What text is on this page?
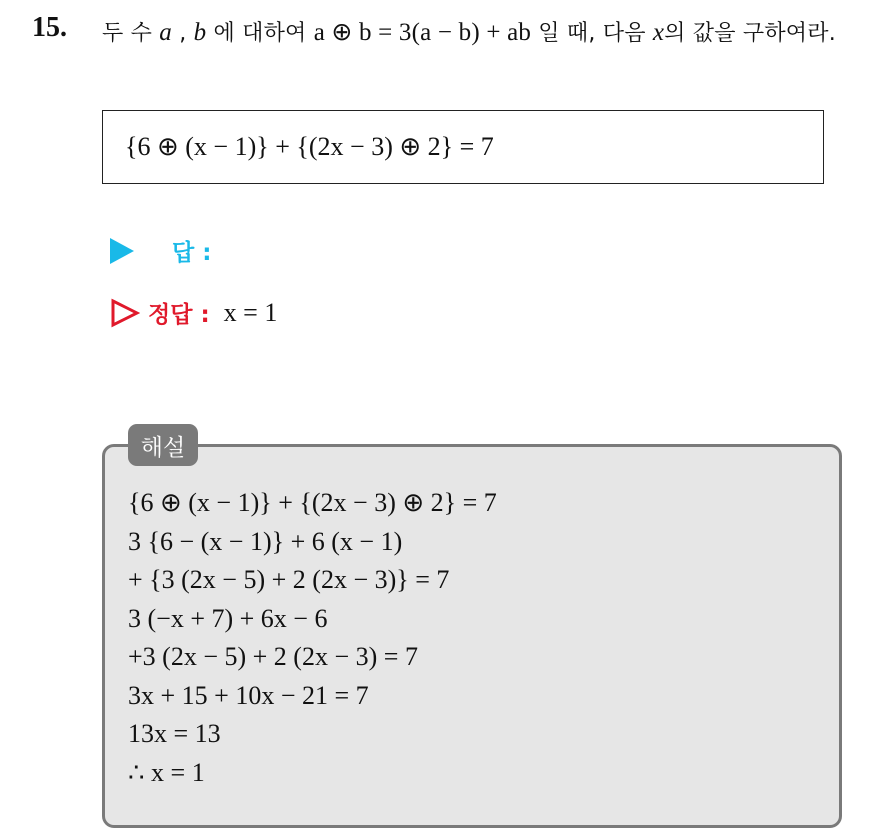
15. 두 수 a , b 에 대하여 a ⊕ b = 3(a − b) + ab 일 때, 다음 x의 값을 구하여라.
{6 ⊕ (x − 1)} + {(2x − 3) ⊕ 2} = 7
답 :
정답 : x = 1
해설
{6 ⊕ (x − 1)} + {(2x − 3) ⊕ 2} = 7
3 {6 − (x − 1)} + 6 (x − 1)
+ {3 (2x − 5) + 2 (2x − 3)} = 7
3 (−x + 7) + 6x − 6
+3 (2x − 5) + 2 (2x − 3) = 7
3x + 15 + 10x − 21 = 7
13x = 13
∴ x = 1
